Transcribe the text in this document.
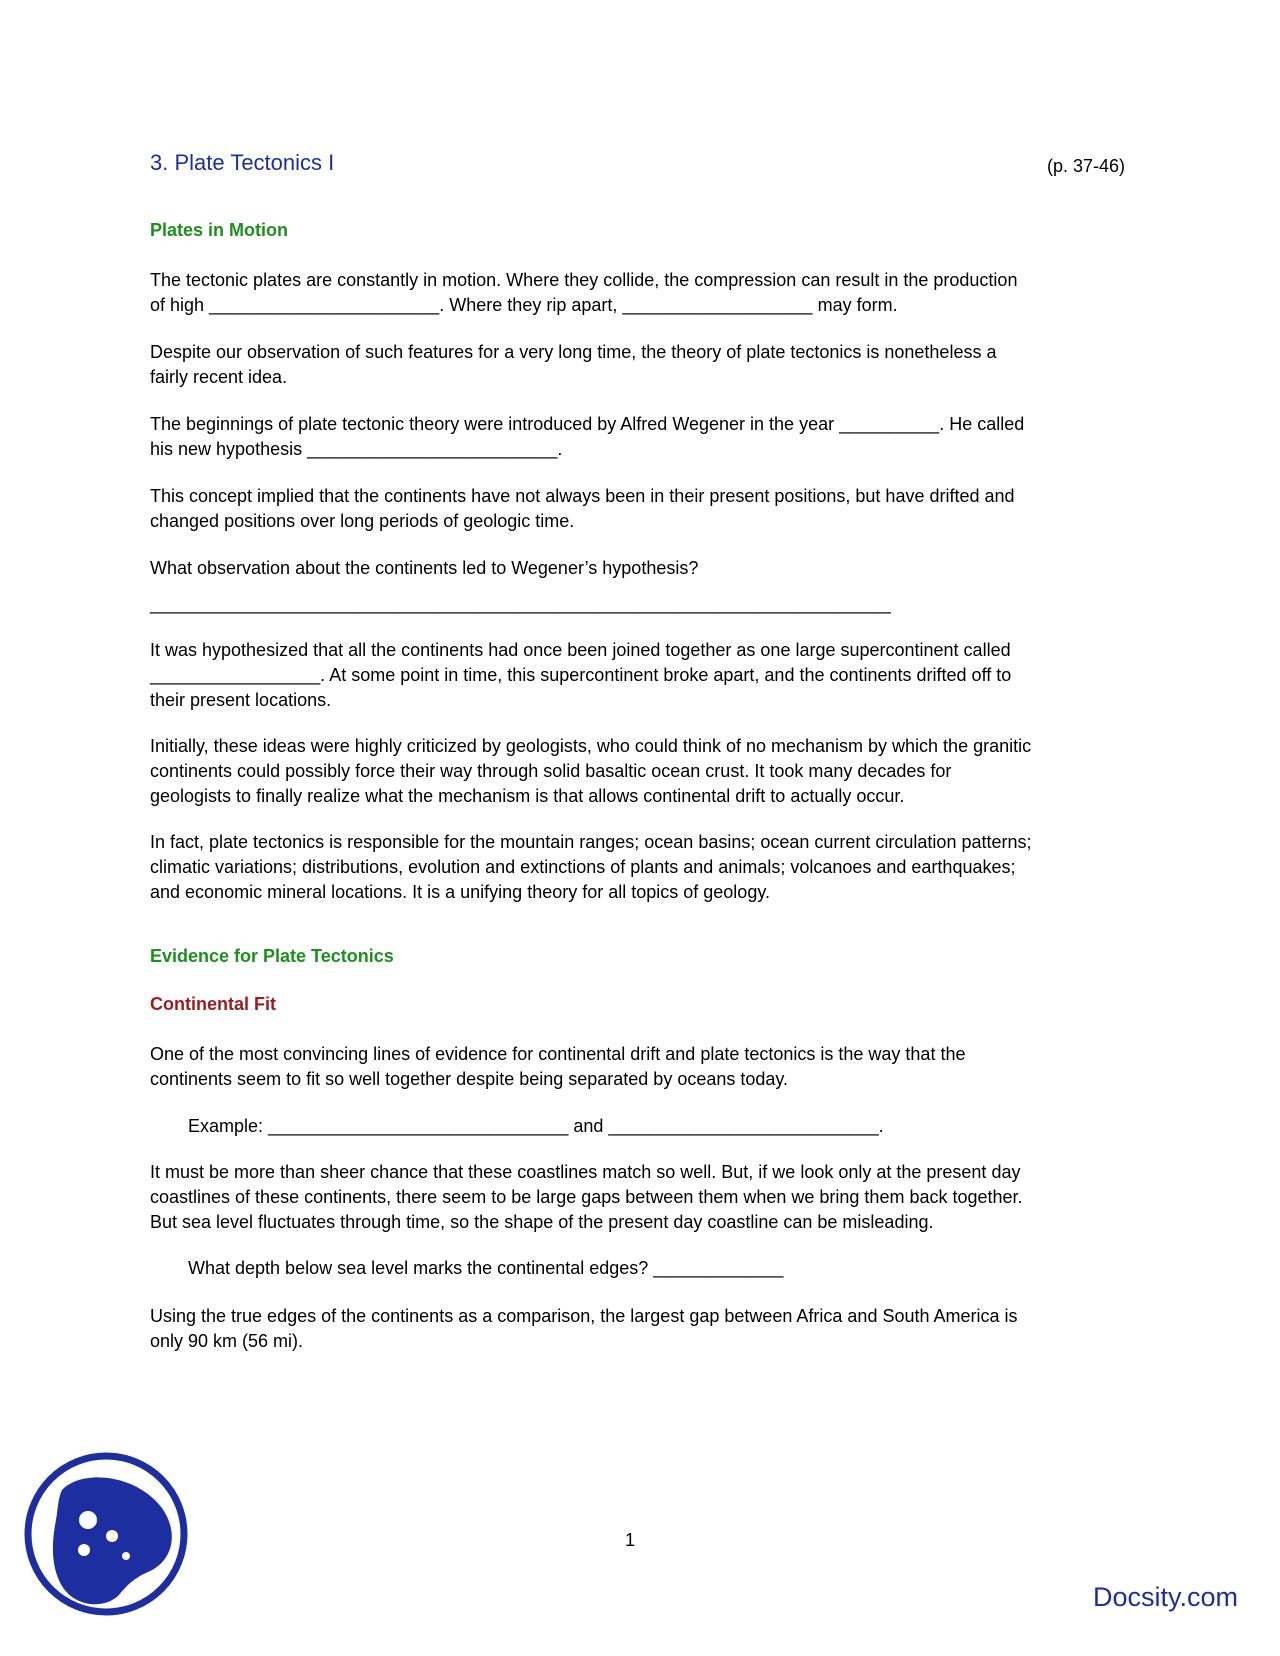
3. Plate Tectonics I	(p. 37-46)

Plates in Motion

The tectonic plates are constantly in motion. Where they collide, the compression can result in the production
of high _______________________. Where they rip apart, ___________________ may form.
Despite our observation of such features for a very long time, the theory of plate tectonics is nonetheless a
fairly recent idea.
The beginnings of plate tectonic theory were introduced by Alfred Wegener in the year __________. He called
his new hypothesis _________________________.
This concept implied that the continents have not always been in their present positions, but have drifted and
changed positions over long periods of geologic time.
What observation about the continents led to Wegener’s hypothesis?
__________________________________________________________________________
It was hypothesized that all the continents had once been joined together as one large supercontinent called
_________________. At some point in time, this supercontinent broke apart, and the continents drifted off to
their present locations.
Initially, these ideas were highly criticized by geologists, who could think of no mechanism by which the granitic
continents could possibly force their way through solid basaltic ocean crust. It took many decades for
geologists to finally realize what the mechanism is that allows continental drift to actually occur.
In fact, plate tectonics is responsible for the mountain ranges; ocean basins; ocean current circulation patterns;
climatic variations; distributions, evolution and extinctions of plants and animals; volcanoes and earthquakes;
and economic mineral locations. It is a unifying theory for all topics of geology.

Evidence for Plate Tectonics

Continental Fit

One of the most convincing lines of evidence for continental drift and plate tectonics is the way that the
continents seem to fit so well together despite being separated by oceans today.
Example: ______________________________ and ___________________________.
It must be more than sheer chance that these coastlines match so well. But, if we look only at the present day
coastlines of these continents, there seem to be large gaps between them when we bring them back together.
But sea level fluctuates through time, so the shape of the present day coastline can be misleading.
What depth below sea level marks the continental edges? _____________
Using the true edges of the continents as a comparison, the largest gap between Africa and South America is
only 90 km (56 mi).
1
Docsity.com
